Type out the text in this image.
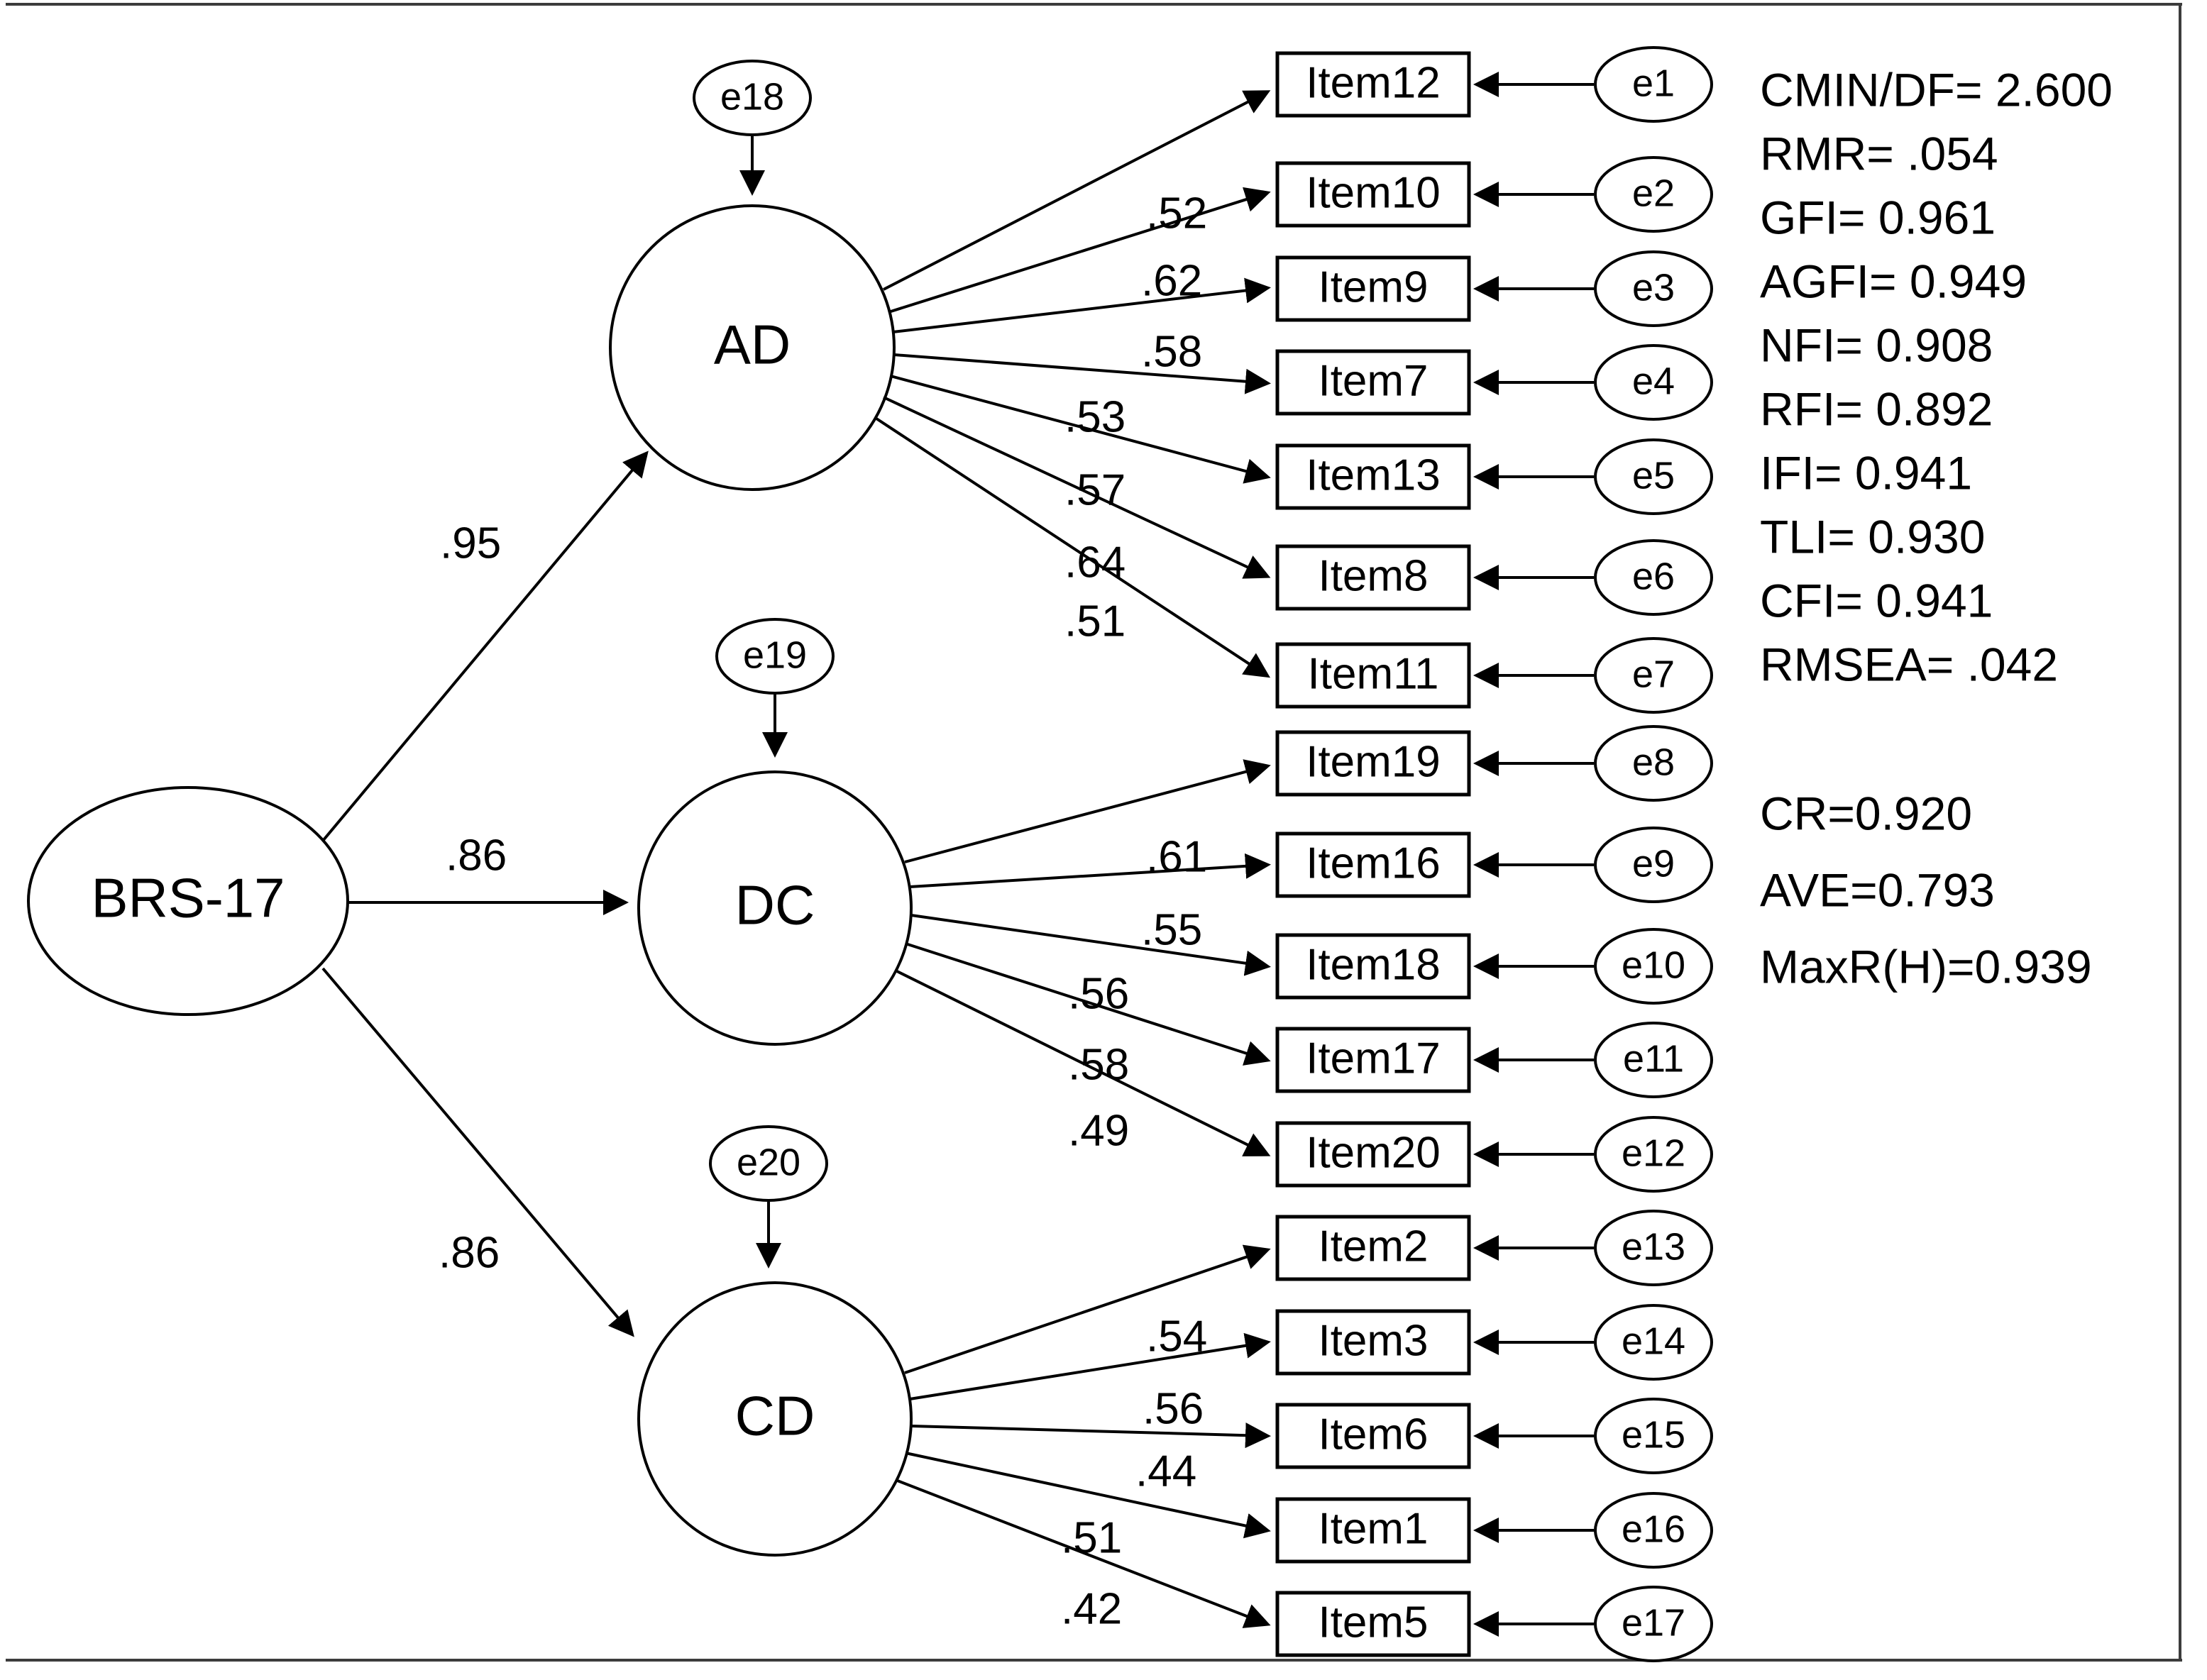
BRS-17
AD
DC
CD
e18
e19
e20
.95
.86
.86
Item12	e1
Item10	e2
Item9	e3
Item7	e4
Item13	e5
Item8	e6
Item11	e7
.52
.62
.58
.53
.57
.64
.51
Item19	e8
Item16	e9
Item18	e10
Item17	e11
Item20	e12
.61
.55
.56
.58
.49
Item2	e13
Item3	e14
Item6	e15
Item1	e16
Item5	e17
.54
.56
.44
.51
.42
CMIN/DF= 2.600
RMR= .054
GFI= 0.961
AGFI= 0.949
NFI= 0.908
RFI= 0.892
IFI= 0.941
TLI= 0.930
CFI= 0.941
RMSEA= .042
CR=0.920
AVE=0.793
MaxR(H)=0.939
